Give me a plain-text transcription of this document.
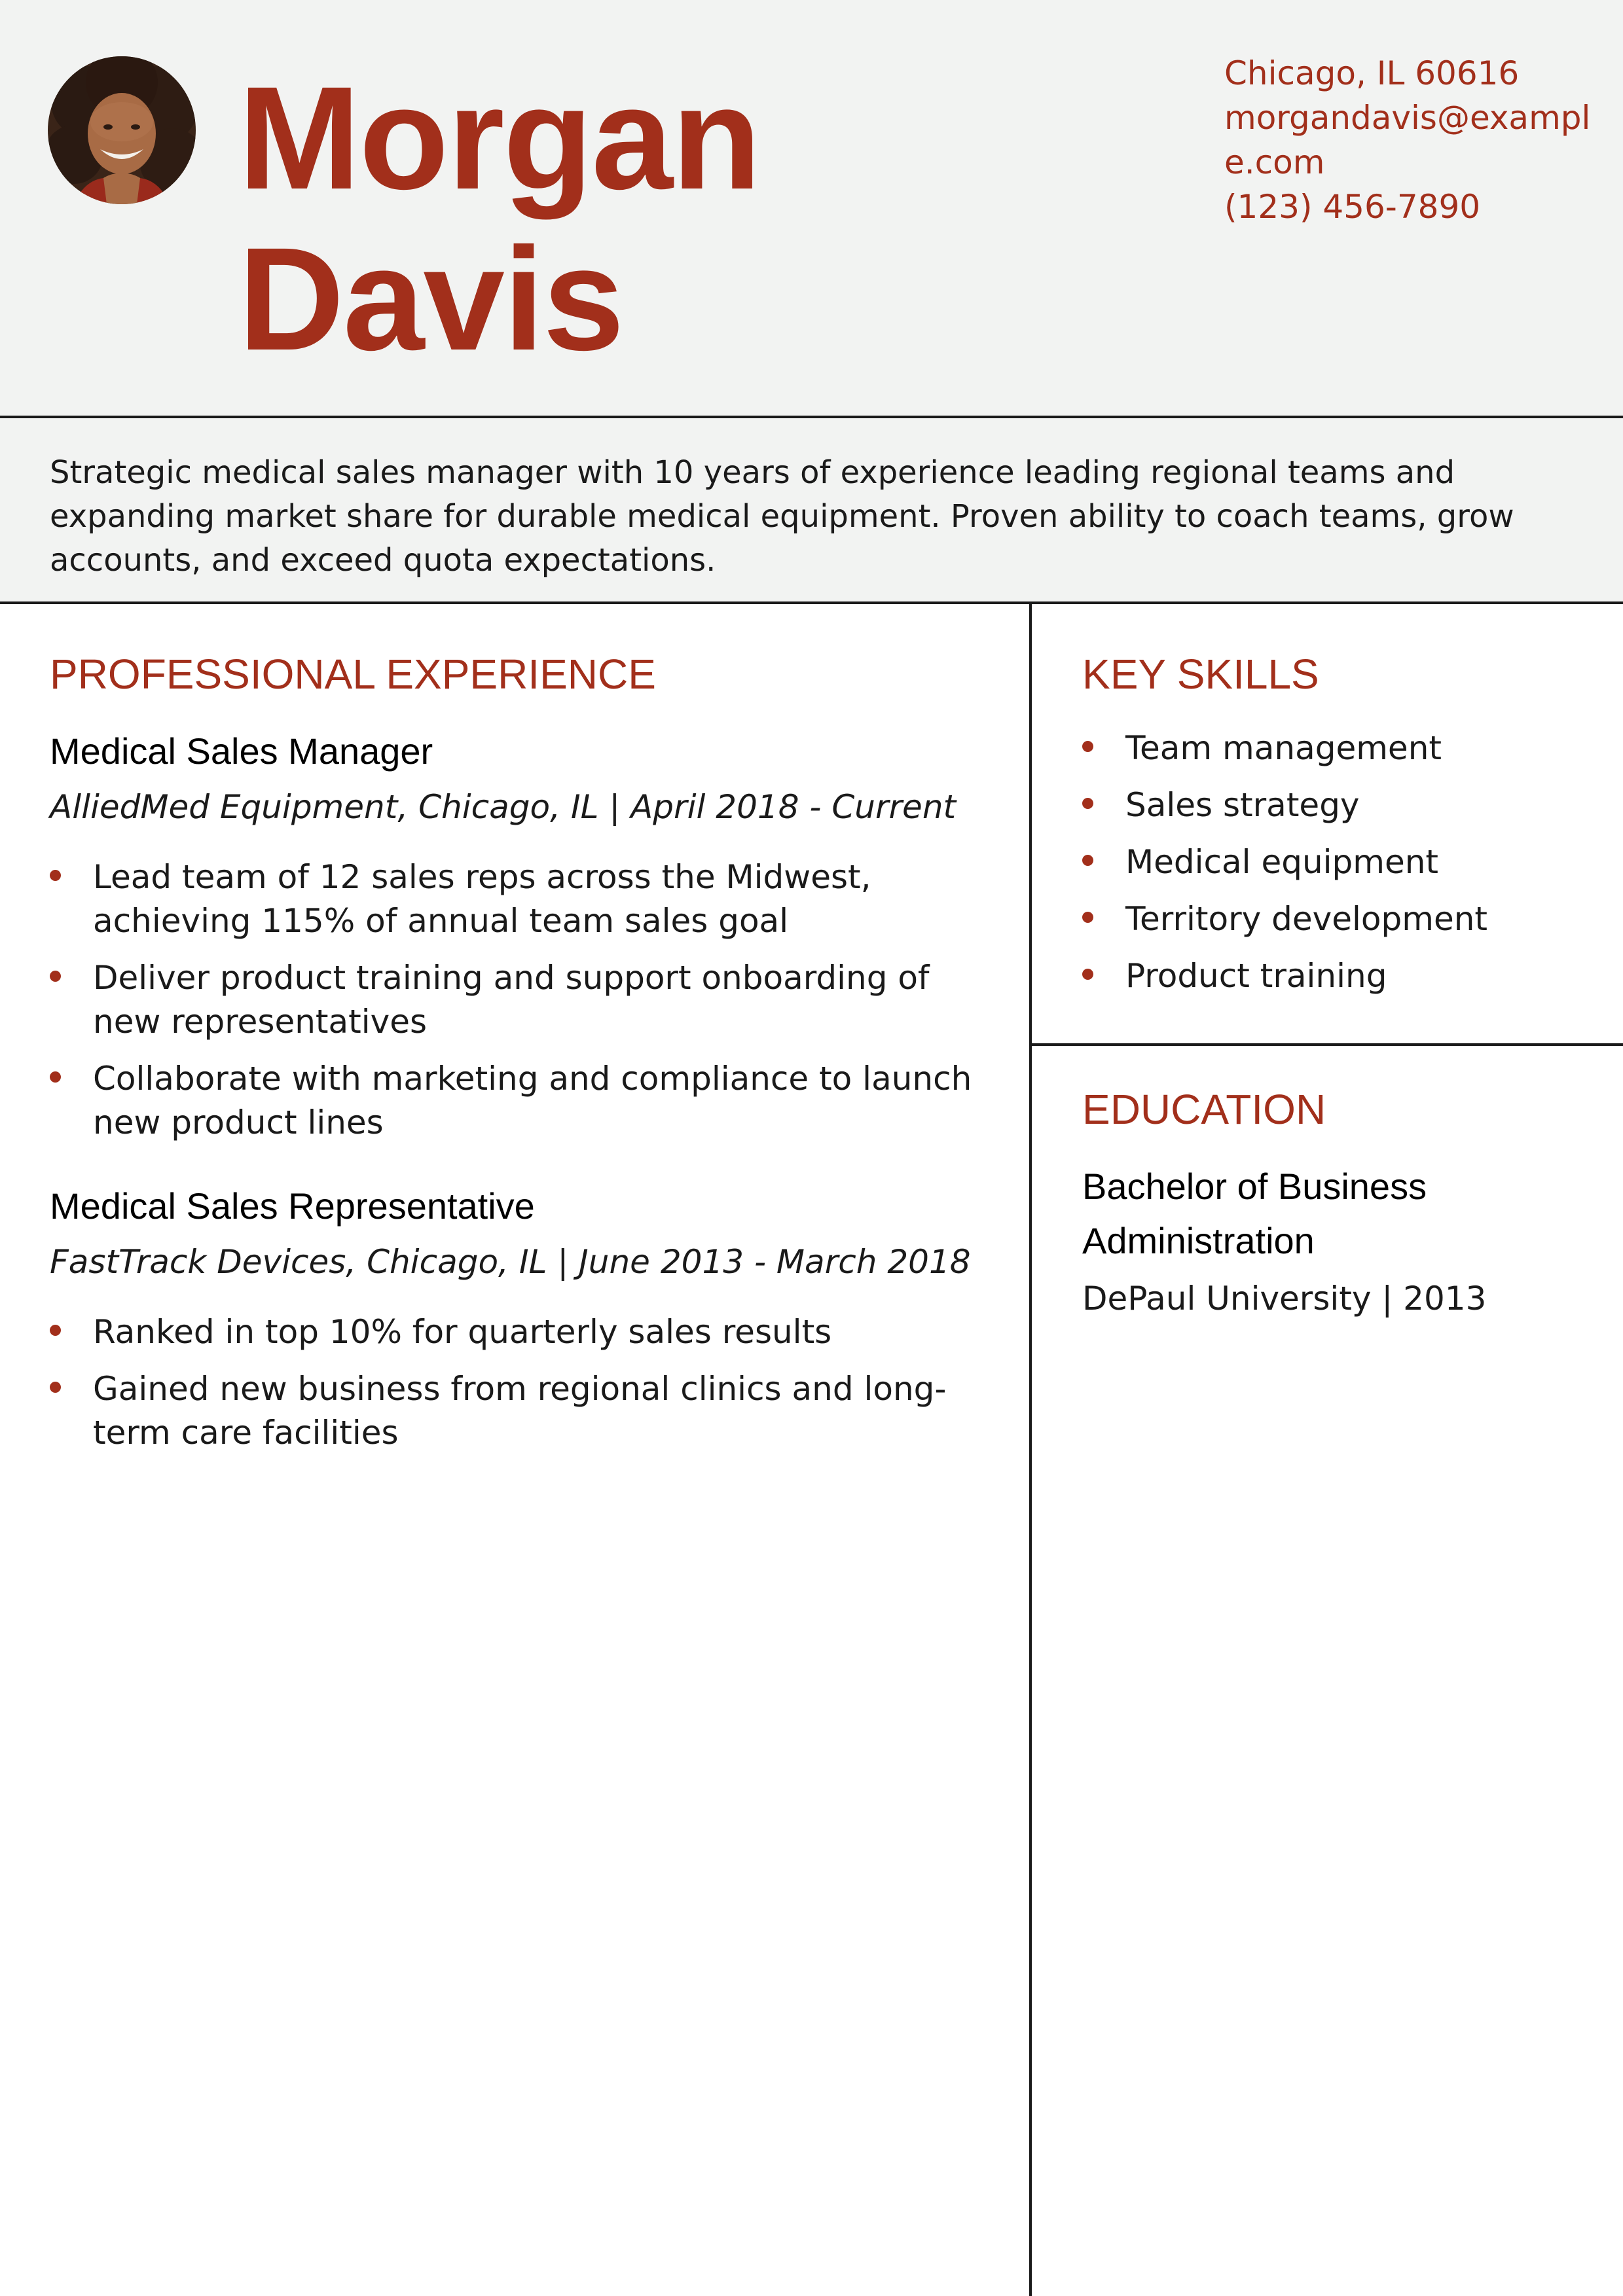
Morgan
Davis
Chicago, IL 60616
morgandavis@example.com
(123) 456-7890

Strategic medical sales manager with 10 years of experience leading regional teams and expanding market share for durable medical equipment. Proven ability to coach teams, grow accounts, and exceed quota expectations.

PROFESSIONAL EXPERIENCE
Medical Sales Manager

AlliedMed Equipment, Chicago, IL | April 2018 - Current

Lead team of 12 sales reps across the Midwest, achieving 115% of annual team sales goal
Deliver product training and support onboarding of new representatives
Collaborate with marketing and compliance to launch new product lines
Medical Sales Representative

FastTrack Devices, Chicago, IL | June 2013 - March 2018

Ranked in top 10% for quarterly sales results
Gained new business from regional clinics and long-term care facilities
KEY SKILLS
Team management
Sales strategy
Medical equipment
Territory development
Product training
EDUCATION

Bachelor of Business Administration

DePaul University | 2013
